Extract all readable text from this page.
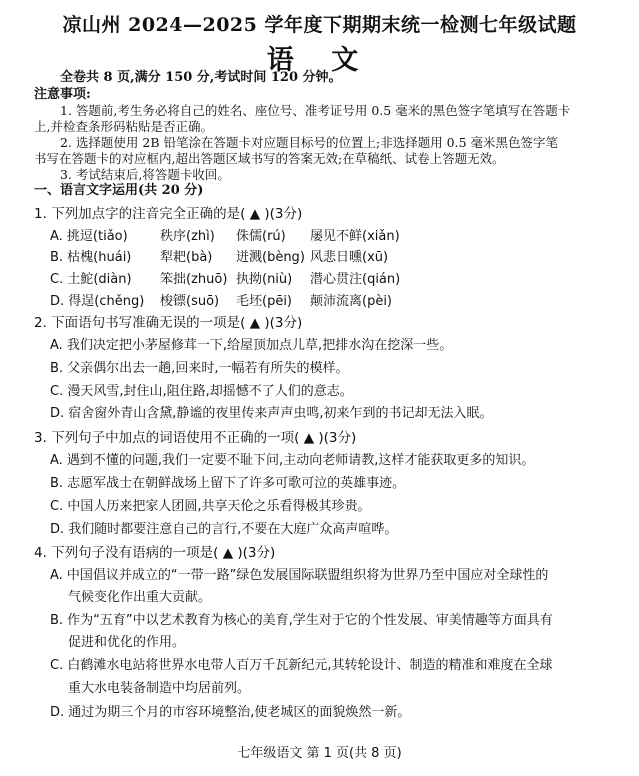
凉山州 2024—2025 学年度下期期末统一检测七年级试题
语 文
全卷共 8 页,满分 150 分,考试时间 120 分钟。
注意事项:
1. 答题前,考生务必将自己的姓名、座位号、准考证号用 0.5 毫米的黑色签字笔填写在答题卡
上,并检查条形码粘贴是否正确。
2. 选择题使用 2B 铅笔涂在答题卡对应题目标号的位置上;非选择题用 0.5 毫米黑色签字笔
书写在答题卡的对应框内,超出答题区域书写的答案无效;在草稿纸、试卷上答题无效。
3. 考试结束后,将答题卡收回。
一、语言文字运用(共 20 分)
1. 下列加点字的注音完全正确的是( ▲ )(3分)
A. 挑逗(tiǎo) 秩序(zhì) 侏儒(rú) 屡见不鲜(xiǎn)
B. 枯槐(huái) 犁耙(bà) 迸溅(bèng) 风悲日曛(xū)
C. 土鮀(diàn) 笨拙(zhuō) 执拗(niù) 潜心贯注(qián)
D. 得逞(chěng) 梭镖(suō) 毛坯(pēi) 颠沛流离(pèi)
2. 下面语句书写准确无误的一项是( ▲ )(3分)
A. 我们决定把小茅屋修茸一下,给屋顶加点儿草,把排水沟在挖深一些。
B. 父亲偶尔出去一趟,回来时,一幅若有所失的模样。
C. 漫天风雪,封住山,阻住路,却摇憾不了人们的意志。
D. 宿舍窗外青山含黛,静谧的夜里传来声声虫鸣,初来乍到的书记却无法入眠。
3. 下列句子中加点的词语使用不正确的一项( ▲ )(3分)
A. 遇到不懂的问题,我们一定要不耻下问,主动向老师请教,这样才能获取更多的知识。
B. 志愿军战士在朝鲜战场上留下了许多可歌可泣的英雄事迹。
C. 中国人历来把家人团圆,共享天伦之乐看得极其珍贵。
D. 我们随时都要注意自己的言行,不要在大庭广众高声喧哗。
4. 下列句子没有语病的一项是( ▲ )(3分)
A. 中国倡议并成立的“一带一路”绿色发展国际联盟组织将为世界乃至中国应对全球性的
气候变化作出重大贡献。
B. 作为“五育”中以艺术教育为核心的美育,学生对于它的个性发展、审美情趣等方面具有
促进和优化的作用。
C. 白鹤滩水电站将世界水电带人百万千瓦新纪元,其转轮设计、制造的精准和难度在全球
重大水电装备制造中均居前列。
D. 通过为期三个月的市容环境整治,使老城区的面貌焕然一新。
七年级语文 第 1 页(共 8 页)
